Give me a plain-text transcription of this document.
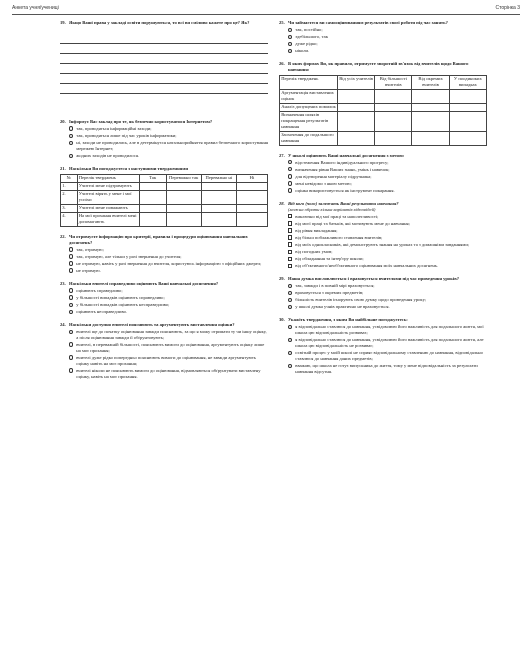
Анкета учня/учениці	Сторінка 3
19. Якщо Ваші права у закладі освіти порушуються, то всі ви сміливо кажете про це? Як?
20. Інформує Вас заклад про те, як безпечно користуватися Інтернетом?
так, проводяться інформаційні заходи;
так, проводяться лише під час уроків інформатики;
ні, заходи не проводились, але в детермінуєся натальнорийняття правил безпечного користування мережею Інтернет;
жодних заходів не проводилося.
21. Наскільки Ви погоджуєтеся з наступними твердженнями
№	Перелік тверджень	Так	Переважно так	Переважно ні	Ні
1.	Учителі мене підтримують				
2.	Учителі вірять у мене і мої успіхи				
3.	Учителі мене поважають				
4.	На мої прохання вчителі мені допомагають				
22. Чи отримуєте інформацію про критерії, правила і процедури оцінювання навчальних досягнень?
так, отримую;
так, отримую, але тільки у разі звернення до учителя;
не отримую, навіть у разі звернення до вчителя, користуюсь інформацією з офіційних джерел;
не отримую.
23. Наскільки вчителі справедливо оцінюють Ваші навчальні досягнення?
оцінюють справедливо;
у більшості випадків оцінюють справедливо;
у більшості випадків оцінюють несправедливо;
оцінюють несправедливо.
24. Наскільки доступно вчителі пояснюють та аргументують виставлення оцінки?
вчителі ще до початку оцінювання завжди пояснюють, за що я можу отримати ту чи іншу оцінку, а після оцінювання завжди її обґрунтовують;
вчителі, в переважній більшості, пояснюють вимоги до оцінювання, аргументують оцінку лише на моє прохання;
вчителі дуже рідко попередньо пояснюють вимоги до оцінювання, не завжди аргументують оцінку навіть на моє прохання;
вчителі ніколи не пояснюють вимоги до оцінювання, відмовляються обґрунтувати виставлену оцінку, навіть на моє прохання.
25. Чи займаєтеся ви самооцінюванням результатів своєї роботи під час занять?
так, постійно;
здебільшого, так
дуже рідко;
ніколи.
26. В яких формах Ви, як правило, отримуєте зворотній зв'язок від вчителів щодо Вашого навчання:
Перелік тверджень	Від усіх учителів	Від більшості вчителів	Від окремих вчителів	У поодиноких випадках
Аргументація виставлених оцінок				
Аналіз допущених помилок				
Визначення шляхів покращення результатів навчання				
Заохочення до подальшого навчання				
27. У школі оцінюють Ваші навчальні досягнення з метою:
відстеження Вашого індивідуального прогресу;
визначення рівня Ваших знань, умінь і навичок;
для відтворення матеріалу підручника;
мені невідомо з якою метою;
оцінка використовується як інструмент покарання.
28. Від кого (чого) залежать Ваші результати навчання?
(можна обрати кілька варіантів відповідей)
виключно від мої праці та наполегливості;
від моєї праці та батьків, які мотивують мене до навчання;
від рівня викладання;
від більш поблажливого ставлення вчителів;
від моїх однокласників, які демонструють знання на уроках та з домашніми завданнями;
від погодних умов;
від обладнання та інтер'єру школи;
від об'єктивного/необ'єктивного оцінювання моїх навчальних досягнень.
29. Наша думка висловлюється і враховується вчителями під час проведення уроків?
так, завжди і в повній мірі враховується;
враховується з окремих предметів;
більшість вчителів ігнорують свою думку щодо проведення уроку;
у школі думка учнів практично не враховується.
30. Укажіть твердження, з яким Ви найбільше погоджуєтесь:
я відповідально ставлюся до навчання, усвідомлюю його важливість для подальшого життя, мої школа цю відповідальність розвиває;
я відповідально ставлюся до навчання, усвідомлюю його важливість для подальшого життя, але школа цю відповідальність не розвиває;
освітній процес у моїй школі не сприяє відповідальному ставленню до навчання, відповідально ставлюся до навчання даних предметів;
вважаю, що школа не готує випускника до життя, тому у мене відповідальність за результати навчання відсутня.
